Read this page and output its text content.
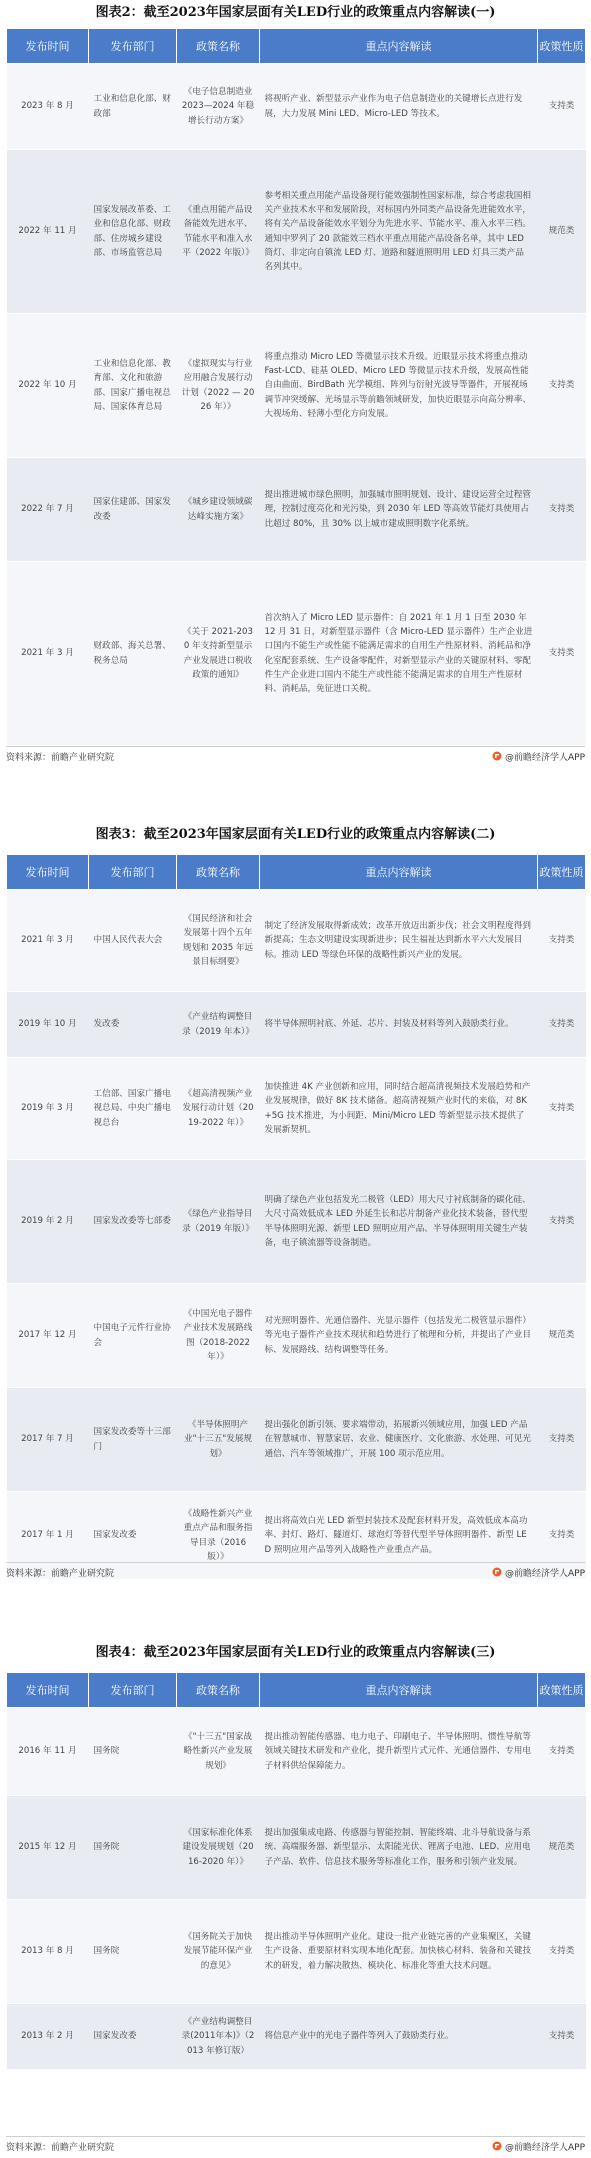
图表2：截至2023年国家层面有关LED行业的政策重点内容解读(一)
发布时间	发布部门	政策名称	重点内容解读	政策性质
2023 年 8 月	工业和信息化部、财政部	《电子信息制造业 2023—2024 年稳增长行动方案》	将视听产业、新型显示产业作为电子信息制造业的关键增长点进行发展，大力发展 Mini LED、Micro-LED 等技术。	支持类
2022 年 11 月	国家发展改革委、工业和信息化部、财政部、住房城乡建设部、市场监管总局	《重点用能产品设备能效先进水平、节能水平和准入水平（2022 年版）》	参考相关重点用能产品设备现行能效强制性国家标准，综合考虑我国相关产业技术水平和发展阶段，对标国内外同类产品设备先进能效水平，将有关产品设备能效水平划分为先进水平、节能水平、准入水平三档。通知中罗列了 20 款能效三档水平重点用能产品设备名单，其中 LED 筒灯、非定向自镇流 LED 灯、道路和隧道照明用 LED 灯具三类产品名列其中。	规范类
2022 年 10 月	工业和信息化部、教育部、文化和旅游部、国家广播电视总局、国家体育总局	《虚拟现实与行业应用融合发展行动计划（2022 — 2026 年）》	将重点推动 Micro LED 等微显示技术升级。近眼显示技术将重点推动 Fast-LCD、硅基 OLED、Micro LED 等微显示技术升级，发展高性能自由曲面、BirdBath 光学模组、阵列与衍射光波导等器件，开展视场调节冲突缓解、光场显示等前瞻领域研发，加快近眼显示向高分辨率、大视场角、轻薄小型化方向发展。	支持类
2022 年 7 月	国家住建部、国家发改委	《城乡建设领域碳达峰实施方案》	提出推进城市绿色照明，加强城市照明规划、设计、建设运营全过程管理，控制过度亮化和光污染，到 2030 年 LED 等高效节能灯具使用占比超过 80%，且 30% 以上城市建成照明数字化系统。	支持类
2021 年 3 月	财政部、海关总署、税务总局	《关于 2021-2030 年支持新型显示产业发展进口税收政策的通知》	首次纳入了 Micro LED 显示器件：自 2021 年 1 月 1 日至 2030 年 12 月 31 日，对新型显示器件（含 Micro-LED 显示器件）生产企业进口国内不能生产或性能不能满足需求的自用生产性原材料、消耗品和净化室配套系统、生产设备零配件，对新型显示产业的关键原材料、零配件生产企业进口国内不能生产或性能不能满足需求的自用生产性原材料、消耗品，免征进口关税。	支持类
资料来源：前瞻产业研究院	@前瞻经济学人APP
图表3：截至2023年国家层面有关LED行业的政策重点内容解读(二)
发布时间	发布部门	政策名称	重点内容解读	政策性质
2021 年 3 月	中国人民代表大会	《国民经济和社会发展第十四个五年规划和 2035 年远景目标纲要》	制定了经济发展取得新成效；改革开放迈出新步伐；社会文明程度得到新提高；生态文明建设实现新进步；民生福祉达到新水平六大发展目标。推动 LED 等绿色环保的战略性新兴产业的发展。	支持类
2019 年 10 月	发改委	《产业结构调整目录（2019 年本）》	将半导体照明衬底、外延、芯片、封装及材料等列入鼓励类行业。	支持类
2019 年 3 月	工信部、国家广播电视总局、中央广播电视总台	《超高清视频产业发展行动计划（2019-2022 年）》	加快推进 4K 产业创新和应用，同时结合超高清视频技术发展趋势和产业发展规律，做好 8K 技术储备。超高清视频产业时代的来临，对 8K+5G 技术推进，为小间距、Mini/Micro LED 等新型显示技术提供了发展新契机。	支持类
2019 年 2 月	国家发改委等七部委	《绿色产业指导目录（2019 年版）》	明确了绿色产业包括发光二极管（LED）用大尺寸衬底制备的碳化硅、大尺寸高效低成本 LED 外延生长和芯片制备产业化技术装备，替代型半导体照明光源、新型 LED 照明应用产品、半导体照明用关键生产装备，电子镇流器等设备制造。	支持类
2017 年 12 月	中国电子元件行业协会	《中国光电子器件产业技术发展路线图（2018-2022 年）》	对光照明器件、光通信器件、光显示器件（包括发光二极管显示器件）等光电子器件产业技术现状和趋势进行了梳理和分析，并提出了产业目标、发展路线、结构调整等任务。	规范类
2017 年 7 月	国家发改委等十三部门	《半导体照明产业"十三五"发展规划》	提出强化创新引领、要求端带动，拓展新兴领域应用，加强 LED 产品在智慧城市、智慧家居、农业、健康医疗、文化旅游、水处理、可见光通信、汽车等领域推广，开展 100 项示范应用。	支持类
2017 年 1 月	国家发改委	《战略性新兴产业重点产品和服务指导目录（2016 版）》	提出将高效白光 LED 新型封装技术及配套材料开发，高效低成本高功率、封灯、路灯、隧道灯、球泡灯等替代型半导体照明器件、新型 LED 照明应用产品等列入战略性产业重点产品。	支持类
资料来源：前瞻产业研究院	@前瞻经济学人APP
图表4：截至2023年国家层面有关LED行业的政策重点内容解读(三)
发布时间	发布部门	政策名称	重点内容解读	政策性质
2016 年 11 月	国务院	《"十三五"国家战略性新兴产业发展规划》	提出推动智能传感器、电力电子、印刷电子、半导体照明、惯性导航等领域关键技术研发和产业化，提升新型片式元件、光通信器件、专用电子材料供给保障能力。	支持类
2015 年 12 月	国务院	《国家标准化体系建设发展规划（2016-2020 年）》	提出加强集成电路、传感器与智能控制、智能终端、北斗导航设备与系统、高端服务器、新型显示、太阳能光伏、锂离子电池、LED、应用电子产品、软件、信息技术服务等标准化工作，服务和引领产业发展。	规范类
2013 年 8 月	国务院	《国务院关于加快发展节能环保产业的意见》	提出推动半导体照明产业化。建设一批产业链完善的产业集聚区，关键生产设备、重要原材料实现本地化配套。加快核心材料、装备和关键技术的研发，着力解决散热、模块化、标准化等重大技术问题。	支持类
2013 年 2 月	国家发改委	《产业结构调整目录(2011年本)》（2013 年修订版）	将信息产业中的光电子器件等列入了鼓励类行业。	支持类
资料来源：前瞻产业研究院	@前瞻经济学人APP
